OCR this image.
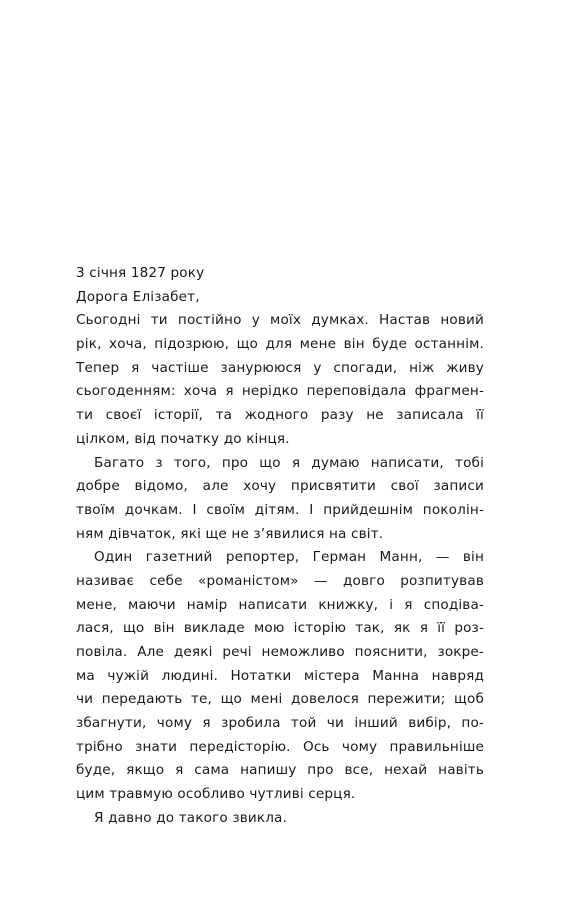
3 січня 1827 року
Дорога Елізабет,
Сьогодні ти постійно у моїх думках. Настав новий
рік, хоча, підозрюю, що для мене він буде останнім.
Тепер я частіше занурююся у спогади, ніж живу
сьогоденням: хоча я нерідко переповідала фрагмен-
ти своєї історії, та жодного разу не записала її
цілком, від початку до кінця.
Багато з того, про що я думаю написати, тобі
добре відомо, але хочу присвятити свої записи
твоїм дочкам. І своїм дітям. І прийдешнім поколін-
ням дівчаток, які ще не з’явилися на світ.
Один газетний репортер, Герман Манн, — він
називає себе «романістом» — довго розпитував
мене, маючи намір написати книжку, і я сподіва-
лася, що він викладе мою історію так, як я її роз-
повіла. Але деякі речі неможливо пояснити, зокре-
ма чужій людині. Нотатки містера Манна навряд
чи передають те, що мені довелося пережити; щоб
збагнути, чому я зробила той чи інший вибір, по-
трібно знати передісторію. Ось чому правильніше
буде, якщо я сама напишу про все, нехай навіть
цим травмую особливо чутливі серця.
Я давно до такого звикла.
